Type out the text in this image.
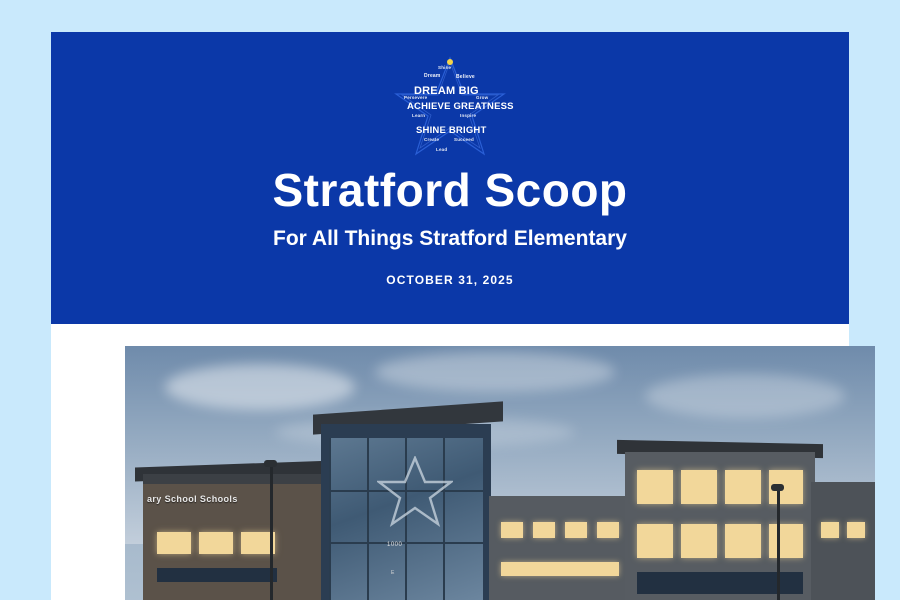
DREAM BIG
ACHIEVE GREATNESS
SHINE BRIGHT
Shine
Dream	Believe
Persevere	Grow
Learn	Inspire
Create	Succeed
Lead
Stratford Scoop
For All Things Stratford Elementary

OCTOBER 31, 2025

ary School Schools
1000
E
